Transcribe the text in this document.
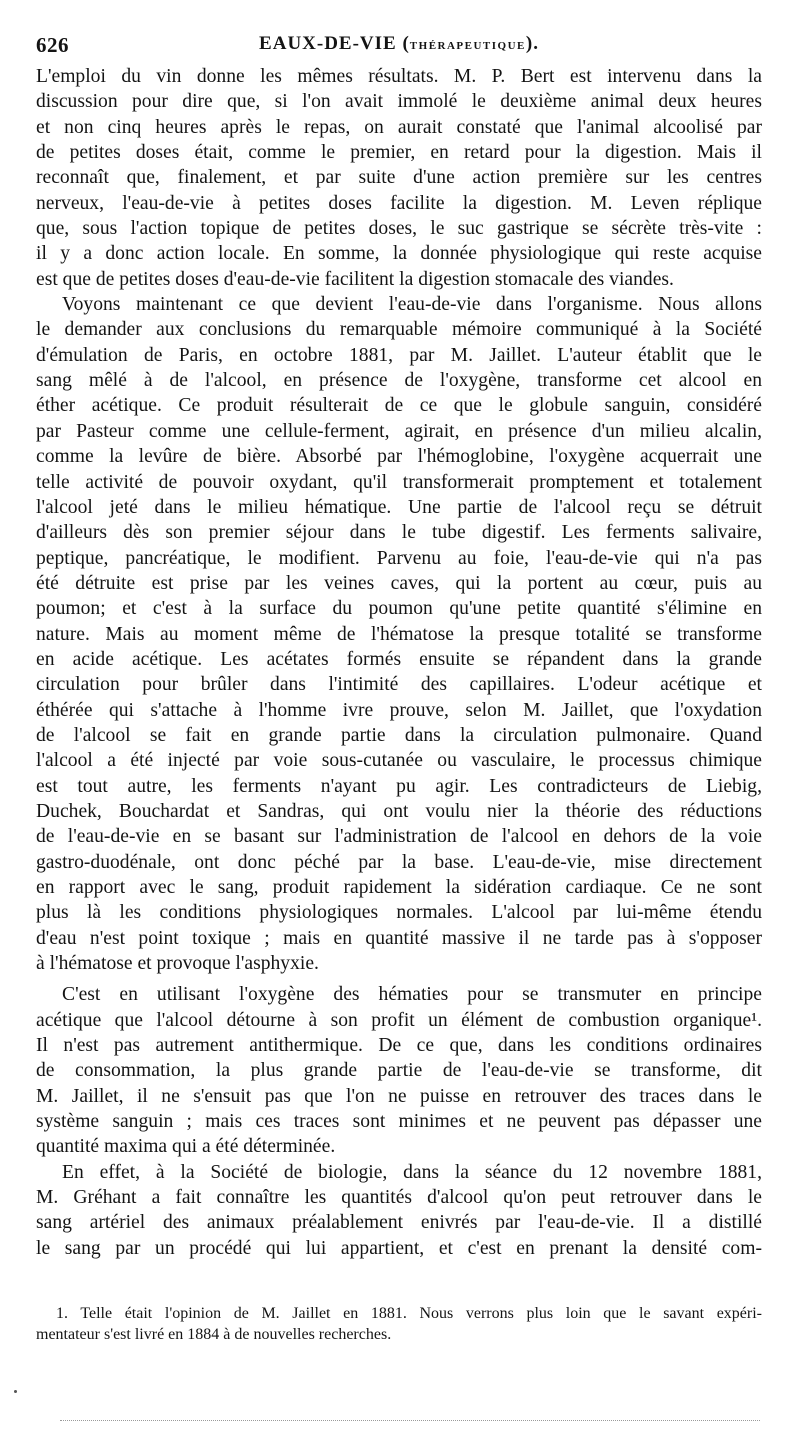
626	EAUX-DE-VIE (THÉRAPEUTIQUE).
L'emploi du vin donne les mêmes résultats. M. P. Bert est intervenu dans la
discussion pour dire que, si l'on avait immolé le deuxième animal deux heures
et non cinq heures après le repas, on aurait constaté que l'animal alcoolisé par
de petites doses était, comme le premier, en retard pour la digestion. Mais il
reconnaît que, finalement, et par suite d'une action première sur les centres
nerveux, l'eau-de-vie à petites doses facilite la digestion. M. Leven réplique
que, sous l'action topique de petites doses, le suc gastrique se sécrète très-vite :
il y a donc action locale. En somme, la donnée physiologique qui reste acquise
est que de petites doses d'eau-de-vie facilitent la digestion stomacale des viandes.
Voyons maintenant ce que devient l'eau-de-vie dans l'organisme. Nous allons
le demander aux conclusions du remarquable mémoire communiqué à la Société
d'émulation de Paris, en octobre 1881, par M. Jaillet. L'auteur établit que le
sang mêlé à de l'alcool, en présence de l'oxygène, transforme cet alcool en
éther acétique. Ce produit résulterait de ce que le globule sanguin, considéré
par Pasteur comme une cellule-ferment, agirait, en présence d'un milieu alcalin,
comme la levûre de bière. Absorbé par l'hémoglobine, l'oxygène acquerrait une
telle activité de pouvoir oxydant, qu'il transformerait promptement et totalement
l'alcool jeté dans le milieu hématique. Une partie de l'alcool reçu se détruit
d'ailleurs dès son premier séjour dans le tube digestif. Les ferments salivaire,
peptique, pancréatique, le modifient. Parvenu au foie, l'eau-de-vie qui n'a pas
été détruite est prise par les veines caves, qui la portent au cœur, puis au
poumon; et c'est à la surface du poumon qu'une petite quantité s'élimine en
nature. Mais au moment même de l'hématose la presque totalité se transforme
en acide acétique. Les acétates formés ensuite se répandent dans la grande
circulation pour brûler dans l'intimité des capillaires. L'odeur acétique et
éthérée qui s'attache à l'homme ivre prouve, selon M. Jaillet, que l'oxydation
de l'alcool se fait en grande partie dans la circulation pulmonaire. Quand
l'alcool a été injecté par voie sous-cutanée ou vasculaire, le processus chimique
est tout autre, les ferments n'ayant pu agir. Les contradicteurs de Liebig,
Duchek, Bouchardat et Sandras, qui ont voulu nier la théorie des réductions
de l'eau-de-vie en se basant sur l'administration de l'alcool en dehors de la voie
gastro-duodénale, ont donc péché par la base. L'eau-de-vie, mise directement
en rapport avec le sang, produit rapidement la sidération cardiaque. Ce ne sont
plus là les conditions physiologiques normales. L'alcool par lui-même étendu
d'eau n'est point toxique ; mais en quantité massive il ne tarde pas à s'opposer
à l'hématose et provoque l'asphyxie.
C'est en utilisant l'oxygène des hématies pour se transmuter en principe
acétique que l'alcool détourne à son profit un élément de combustion organique¹.
Il n'est pas autrement antithermique. De ce que, dans les conditions ordinaires
de consommation, la plus grande partie de l'eau-de-vie se transforme, dit
M. Jaillet, il ne s'ensuit pas que l'on ne puisse en retrouver des traces dans le
système sanguin ; mais ces traces sont minimes et ne peuvent pas dépasser une
quantité maxima qui a été déterminée.
En effet, à la Société de biologie, dans la séance du 12 novembre 1881,
M. Gréhant a fait connaître les quantités d'alcool qu'on peut retrouver dans le
sang artériel des animaux préalablement enivrés par l'eau-de-vie. Il a distillé
le sang par un procédé qui lui appartient, et c'est en prenant la densité com-
1. Telle était l'opinion de M. Jaillet en 1881. Nous verrons plus loin que le savant expéri-
mentateur s'est livré en 1884 à de nouvelles recherches.
